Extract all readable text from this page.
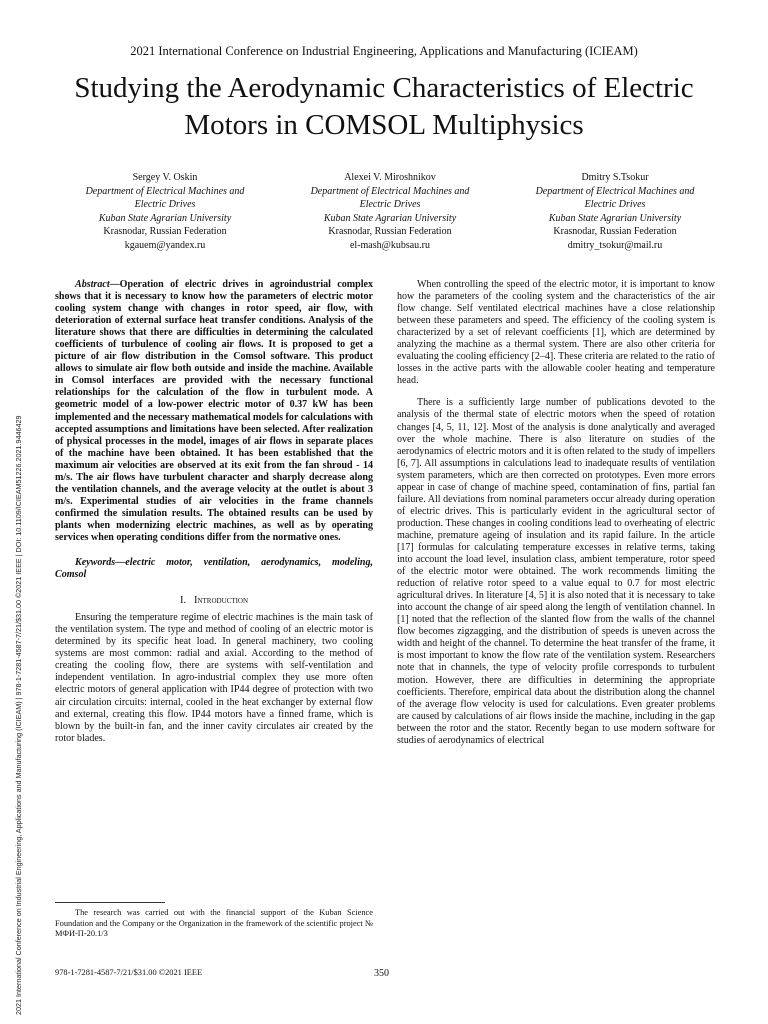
2021 International Conference on Industrial Engineering, Applications and Manufacturing (ICIEAM)
Studying the Aerodynamic Characteristics of Electric
Motors in COMSOL Multiphysics
Sergey V. Oskin
Department of Electrical Machines and
Electric Drives
Kuban State Agrarian University
Krasnodar, Russian Federation
kgauem@yandex.ru
Alexei V. Miroshnikov
Department of Electrical Machines and
Electric Drives
Kuban State Agrarian University
Krasnodar, Russian Federation
el-mash@kubsau.ru
Dmitry S.Tsokur
Department of Electrical Machines and
Electric Drives
Kuban State Agrarian University
Krasnodar, Russian Federation
dmitry_tsokur@mail.ru
2021 International Conference on Industrial Engineering, Applications and Manufacturing (ICIEAM) | 978-1-7281-4587-7/21/$31.00 ©2021 IEEE | DOI: 10.1109/ICIEAM51226.2021.9446429

Abstract—Operation of electric drives in agroindustrial complex shows that it is necessary to know how the parameters of electric motor cooling system change with changes in rotor speed, air flow, with deterioration of external surface heat transfer conditions. Analysis of the literature shows that there are difficulties in determining the calculated coefficients of turbulence of cooling air flows. It is proposed to get a picture of air flow distribution in the Comsol software. This product allows to simulate air flow both outside and inside the machine. Available in Comsol interfaces are provided with the necessary functional relationships for the calculation of the flow in turbulent mode. A geometric model of a low-power electric motor of 0.37 kW has been implemented and the necessary mathematical models for calculations with accepted assumptions and limitations have been selected. After realization of physical processes in the model, images of air flows in separate places of the machine have been obtained. It has been established that the maximum air velocities are observed at its exit from the fan shroud - 14 m/s. The air flows have turbulent character and sharply decrease along the ventilation channels, and the average velocity at the outlet is about 3 m/s. Experimental studies of air velocities in the frame channels confirmed the simulation results. The obtained results can be used by plants when modernizing electric machines, as well as by operating services when operating conditions differ from the normative ones.

Keywords—electric motor, ventilation, aerodynamics, modeling, Comsol

I. Introduction

Ensuring the temperature regime of electric machines is the main task of the ventilation system. The type and method of cooling of an electric motor is determined by its specific heat load. In general machinery, two cooling systems are most common: radial and axial. According to the method of creating the cooling flow, there are systems with self-ventilation and independent ventilation. In agro-industrial complex they use more often electric motors of general application with IP44 degree of protection with two air circulation circuits: internal, cooled in the heat exchanger by external flow and external, creating this flow. IP44 motors have a finned frame, which is blown by the built-in fan, and the inner cavity circulates air created by the rotor blades.

When controlling the speed of the electric motor, it is important to know how the parameters of the cooling system and the characteristics of the air flow change. Self ventilated electrical machines have a close relationship between these parameters and speed. The efficiency of the cooling system is characterized by a set of relevant coefficients [1], which are determined by analyzing the machine as a thermal system. There are also other criteria for evaluating the cooling efficiency [2–4]. These criteria are related to the ratio of losses in the active parts with the allowable cooler heating and temperature head.

There is a sufficiently large number of publications devoted to the analysis of the thermal state of electric motors when the speed of rotation changes [4, 5, 11, 12]. Most of the analysis is done analytically and averaged over the whole machine. There is also literature on studies of the aerodynamics of electric motors and it is often related to the study of impellers [6, 7]. All assumptions in calculations lead to inadequate results of ventilation system parameters, which are then corrected on prototypes. Even more errors appear in case of change of machine speed, contamination of fins, partial fan failure. All deviations from nominal parameters occur already during operation of electric drives. This is particularly evident in the agricultural sector of production. These changes in cooling conditions lead to overheating of electric machine, premature ageing of insulation and its rapid failure. In the article [17] formulas for calculating temperature excesses in relative terms, taking into account the load level, insulation class, ambient temperature, rotor speed of the electric motor were obtained. The work recommends limiting the reduction of relative rotor speed to a value equal to 0.7 for most electric agricultural drives. In literature [4, 5] it is also noted that it is necessary to take into account the change of air speed along the length of ventilation channel. In [1] noted that the reflection of the slanted flow from the walls of the channel flow becomes zigzagging, and the distribution of speeds is uneven across the width and height of the channel. To determine the heat transfer of the frame, it is most important to know the flow rate of the ventilation system. Researchers note that in channels, the type of velocity profile corresponds to turbulent motion. However, there are difficulties in determining the appropriate coefficients. Therefore, empirical data about the distribution along the channel of the average flow velocity is used for calculations. Even greater problems are caused by calculations of air flows inside the machine, including in the gap between the rotor and the stator. Recently began to use modern software for studies of aerodynamics of electrical

The research was carried out with the financial support of the Kuban Science Foundation and the Company or the Organization in the framework of the scientific project № МФИ-П-20.1/3
978-1-7281-4587-7/21/$31.00 ©2021 IEEE	350
